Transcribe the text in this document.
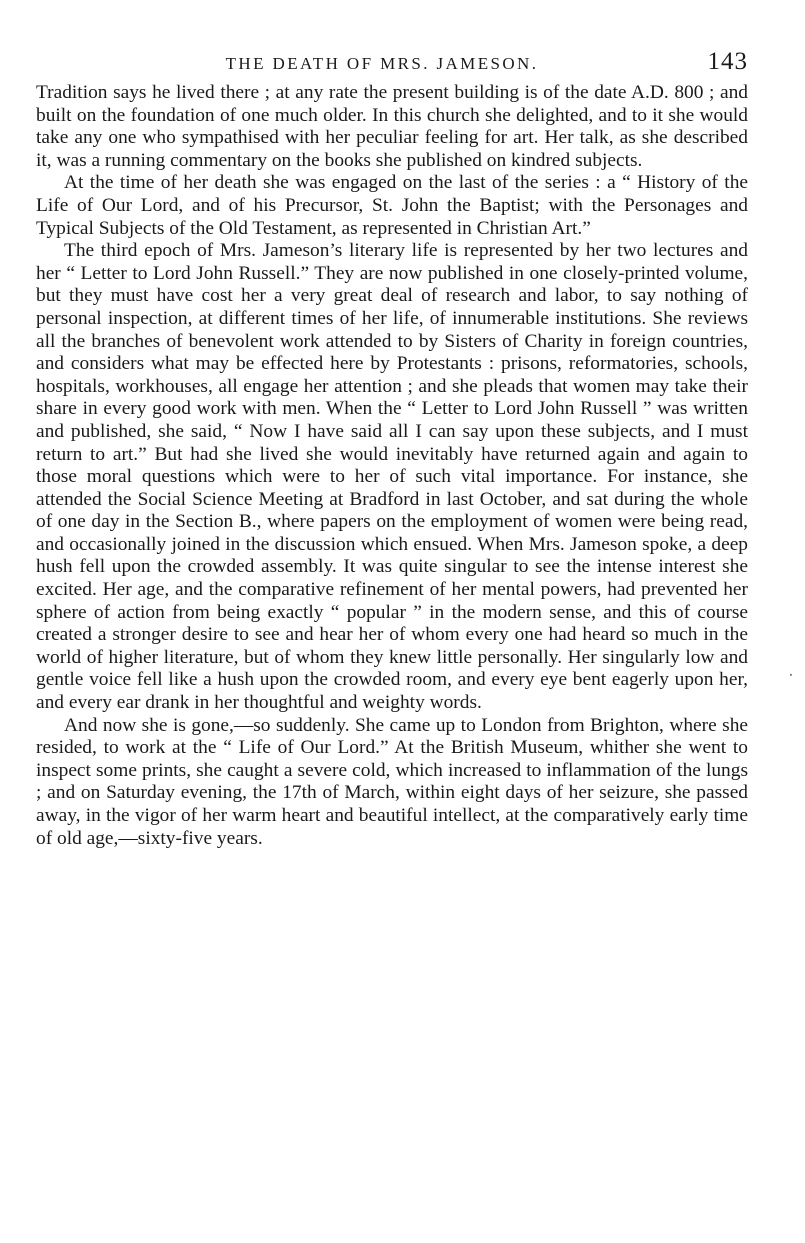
THE DEATH OF MRS. JAMESON.	143

Tradition says he lived there ; at any rate the present building is of the date A.D. 800 ; and built on the foundation of one much older. In this church she delighted, and to it she would take any one who sympathised with her peculiar feeling for art. Her talk, as she described it, was a running commentary on the books she published on kindred subjects.

At the time of her death she was engaged on the last of the series : a “ History of the Life of Our Lord, and of his Precursor, St. John the Baptist; with the Personages and Typical Subjects of the Old Testament, as represented in Christian Art.”

The third epoch of Mrs. Jameson’s literary life is represented by her two lectures and her “ Letter to Lord John Russell.” They are now published in one closely-printed volume, but they must have cost her a very great deal of research and labor, to say nothing of personal inspection, at different times of her life, of innumerable institutions. She reviews all the branches of benevolent work attended to by Sisters of Charity in foreign countries, and considers what may be effected here by Protestants : prisons, reformatories, schools, hospitals, workhouses, all engage her attention ; and she pleads that women may take their share in every good work with men. When the “ Letter to Lord John Russell ” was written and published, she said, “ Now I have said all I can say upon these subjects, and I must return to art.” But had she lived she would inevitably have returned again and again to those moral questions which were to her of such vital importance. For instance, she attended the Social Science Meeting at Bradford in last October, and sat during the whole of one day in the Section B., where papers on the employment of women were being read, and occasionally joined in the discussion which ensued. When Mrs. Jameson spoke, a deep hush fell upon the crowded assembly. It was quite singular to see the intense interest she excited. Her age, and the comparative refinement of her mental powers, had prevented her sphere of action from being exactly “ popular ” in the modern sense, and this of course created a stronger desire to see and hear her of whom every one had heard so much in the world of higher literature, but of whom they knew little personally. Her singularly low and gentle voice fell like a hush upon the crowded room, and every eye bent eagerly upon her, and every ear drank in her thoughtful and weighty words.

And now she is gone,—so suddenly. She came up to London from Brighton, where she resided, to work at the “ Life of Our Lord.” At the British Museum, whither she went to inspect some prints, she caught a severe cold, which increased to inflammation of the lungs ; and on Saturday evening, the 17th of March, within eight days of her seizure, she passed away, in the vigor of her warm heart and beautiful intellect, at the comparatively early time of old age,—sixty-five years.

⸼
